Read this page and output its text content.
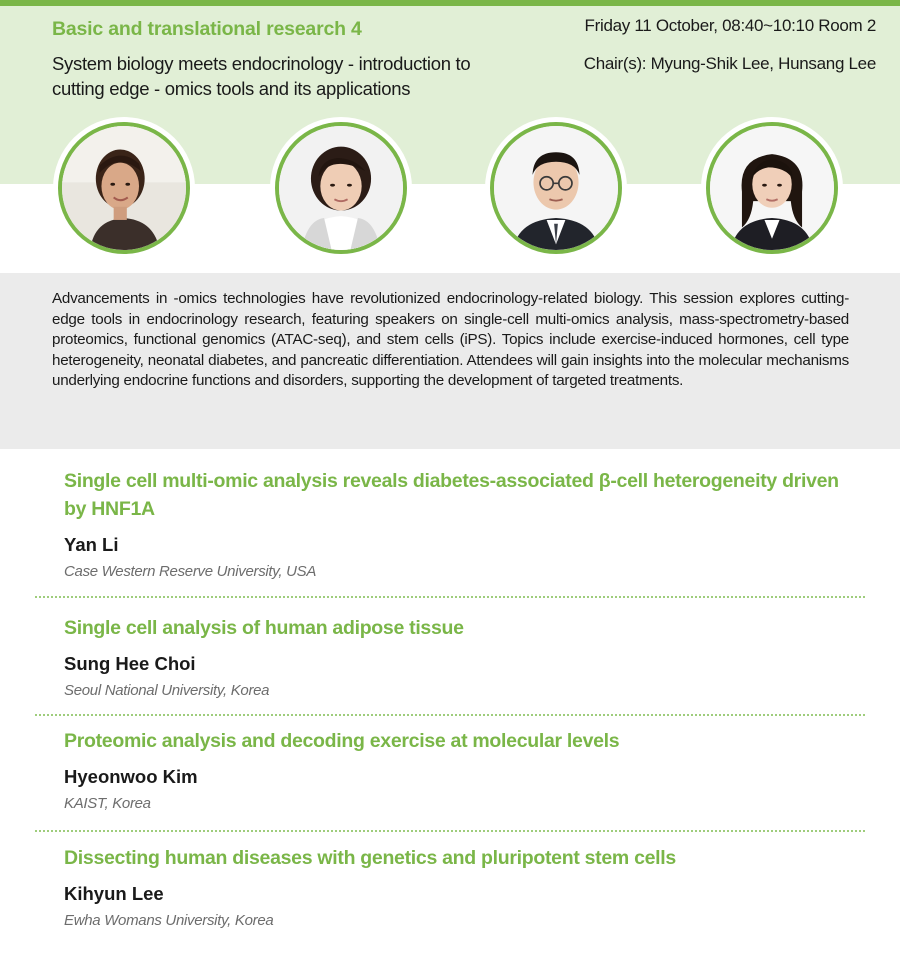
Basic and translational research 4
System biology meets endocrinology - introduction to cutting edge - omics tools and its applications
Friday 11 October, 08:40~10:10 Room 2
Chair(s): Myung-Shik Lee, Hunsang Lee
Advancements in -omics technologies have revolutionized endocrinology-related biology. This session explores cutting-edge tools in endocrinology research, featuring speakers on single-cell multi-omics analysis, mass-spectrometry-based proteomics, functional genomics (ATAC-seq), and stem cells (iPS). Topics include exercise-induced hormones, cell type heterogeneity, neonatal diabetes, and pancreatic differentiation. Attendees will gain insights into the molecular mechanisms underlying endocrine functions and disorders, supporting the development of targeted treatments.
Single cell multi-omic analysis reveals diabetes-associated β-cell heterogeneity driven by HNF1A
Yan Li
Case Western Reserve University, USA
Single cell analysis of human adipose tissue
Sung Hee Choi
Seoul National University, Korea
Proteomic analysis and decoding exercise at molecular levels
Hyeonwoo Kim
KAIST, Korea
Dissecting human diseases with genetics and pluripotent stem cells
Kihyun Lee
Ewha Womans University, Korea
